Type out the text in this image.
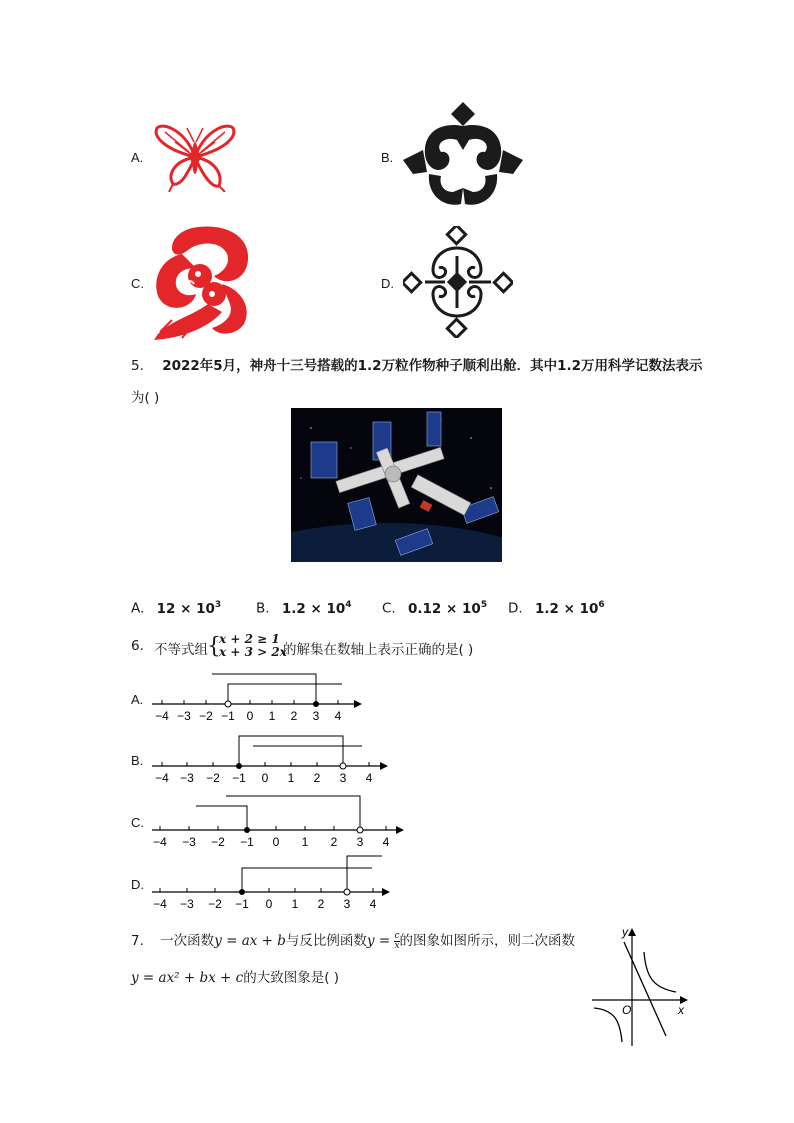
A.	B.
C.	D.
5. 2022年5月，神舟十三号搭载的1.2万粒作物种子顺利出舱．其中1.2万用科学记数法表示
为( )
A. $12 \times 10^3$	B. $1.2 \times 10^4$ C. $0.12 \times 10^5$ D. $1.2 \times 10^6$
6. 不等式组 {
x + 2 ≥ 1
x + 3 > 2x
的解集在数轴上表示正确的是( )
A.
−4 −3 −2 −1 0 1 2 3 4
B.
−4 −3 −2 −1 0 1 2 3 4
C.
−4 −3 −2 −1 0 1 2 3 4
D.
−4 −3 −2 −1 0 1 2 3 4
7. 一次函数y = ax + b与反比例函数$y = \frac{c}{x}$ 的图象如图所示，则二次函数
y = ax² + bx + c的大致图象是( )
y
x
O
